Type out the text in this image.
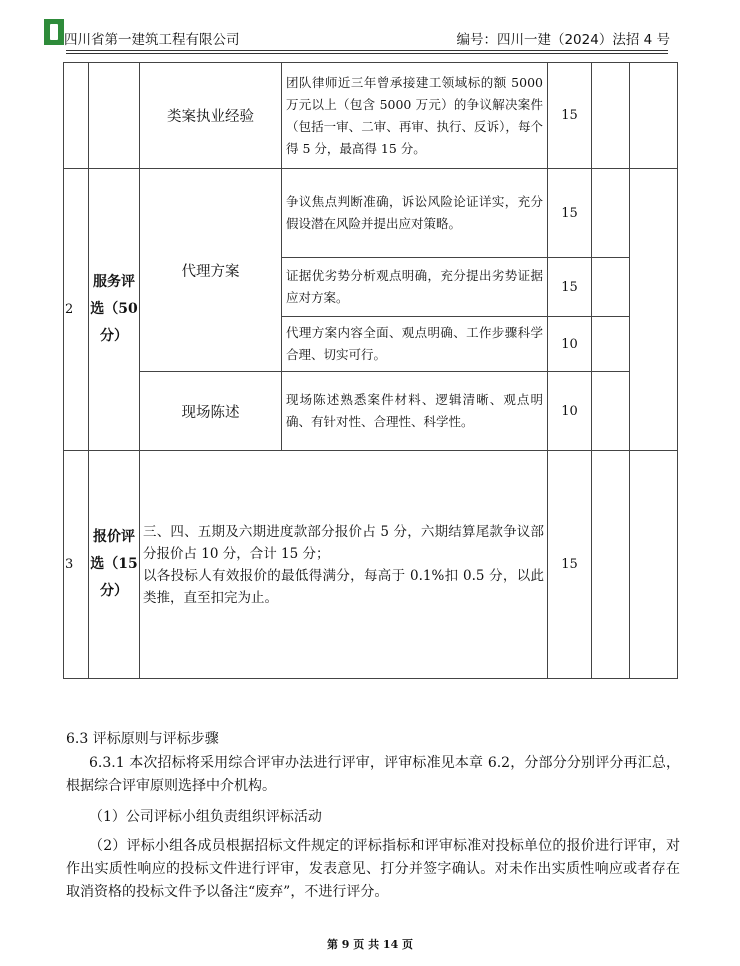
四川省第一建筑工程有限公司	编号：四川一建（2024）法招 4 号
		类案执业经验	团队律师近三年曾承接建工领域标的额 5000 万元以上（包含 5000 万元）的争议解决案件（包括一审、二审、再审、执行、反诉），每个得 5 分，最高得 15 分。	15		
2	服务评选（50分）	代理方案	争议焦点判断准确，诉讼风险论证详实，充分假设潜在风险并提出应对策略。	15		
			证据优劣势分析观点明确，充分提出劣势证据应对方案。	15		
			代理方案内容全面、观点明确、工作步骤科学合理、切实可行。	10		
		现场陈述	现场陈述熟悉案件材料、逻辑清晰、观点明确、有针对性、合理性、科学性。	10		
3	报价评选（15分）	三、四、五期及六期进度款部分报价占 5 分，六期结算尾款争议部分报价占 10 分，合计 15 分；
以各投标人有效报价的最低得满分，每高于 0.1%扣 0.5 分，以此类推，直至扣完为止。		15		
6.3 评标原则与评标步骤
6.3.1 本次招标将采用综合评审办法进行评审，评审标准见本章 6.2，分部分分别评分再汇总，根据综合评审原则选择中介机构。
（1）公司评标小组负责组织评标活动
（2）评标小组各成员根据招标文件规定的评标指标和评审标准对投标单位的报价进行评审，对作出实质性响应的投标文件进行评审，发表意见、打分并签字确认。对未作出实质性响应或者存在取消资格的投标文件予以备注“废弃”，不进行评分。
第 9 页 共 14 页
